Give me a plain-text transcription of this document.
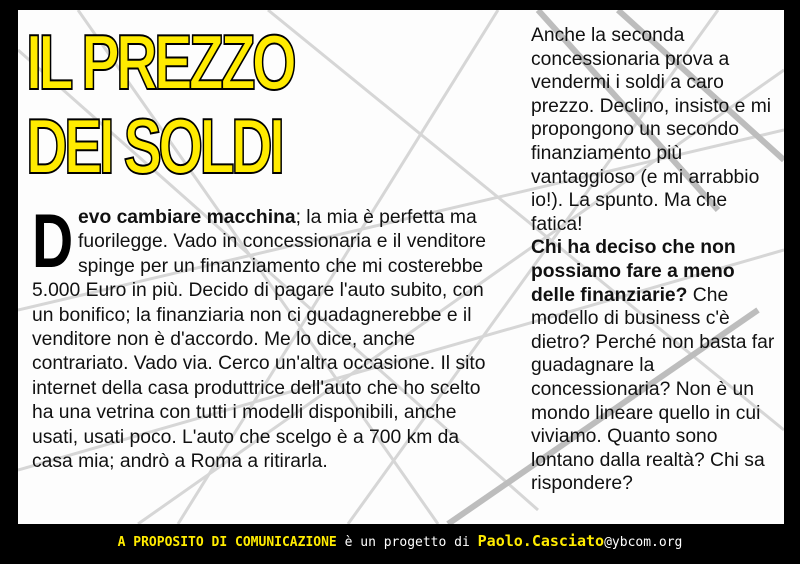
IL PREZZO
DEI SOLDI
D evo cambiare macchina; la mia è perfetta ma fuorilegge. Vado in concessionaria e il venditore spinge per un finanziamento che mi costerebbe 5.000 Euro in più. Decido di pagare l'auto subito, con un bonifico; la finanziaria non ci guadagnerebbe e il venditore non è d'accordo. Me lo dice, anche contrariato. Vado via. Cerco un'altra occasione. Il sito internet della casa produttrice dell'auto che ho scelto ha una vetrina con tutti i modelli disponibili, anche usati, usati poco. L'auto che scelgo è a 700 km da casa mia; andrò a Roma a ritirarla.

Anche la seconda concessionaria prova a vendermi i soldi a caro prezzo. Declino, insisto e mi propongono un secondo finanziamento più vantaggioso (e mi arrabbio io!). La spunto. Ma che fatica!

Chi ha deciso che non possiamo fare a meno delle finanziarie? Che modello di business c'è dietro? Perché non basta far guadagnare la concessionaria? Non è un mondo lineare quello in cui viviamo. Quanto sono lontano dalla realtà? Chi sa rispondere?

A PROPOSITO DI COMUNICAZIONE è un progetto di Paolo.Casciato@ybcom.org
